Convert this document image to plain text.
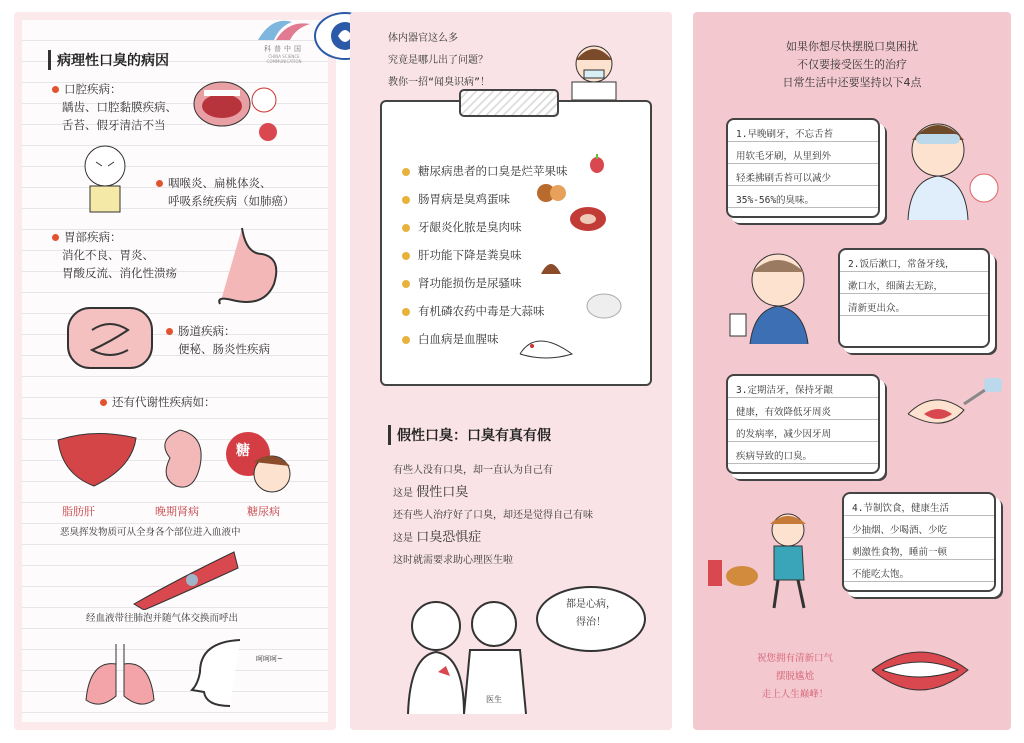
科普中国
CHINA SCIENCE COMMUNICATION
病理性口臭的病因
口腔疾病：
龋齿、口腔黏膜疾病、
舌苔、假牙清洁不当
咽喉炎、扁桃体炎、
呼吸系统疾病（如肺癌）
胃部疾病：
消化不良、胃炎、
胃酸反流、消化性溃疡
肠道疾病：
便秘、肠炎性疾病
还有代谢性疾病如：
糖
脂肪肝	晚期肾病	糖尿病
恶臭挥发物质可从全身各个部位进入血液中
经血液带往肺泡并随气体交换而呼出
呵呵呵~
体内器官这么多
究竟是哪儿出了问题？
教你一招“闻臭识病”！
糖尿病患者的口臭是烂苹果味
肠胃病是臭鸡蛋味
牙龈炎化脓是臭肉味
肝功能下降是粪臭味
肾功能损伤是尿骚味
有机磷农药中毒是大蒜味
白血病是血腥味
假性口臭：口臭有真有假
有些人没有口臭，却一直认为自己有
这是 假性口臭
还有些人治疗好了口臭，却还是觉得自己有味
这是 口臭恐惧症
这时就需要求助心理医生啦
医生
都是心病，
得治！
如果你想尽快摆脱口臭困扰
不仅要接受医生的治疗
日常生活中还要坚持以下4点
1.早晚刷牙，不忘舌苔
用软毛牙刷，从里到外
轻柔拂刷舌苔可以减少
35%-56%的臭味。
2.饭后漱口，常备牙线，
漱口水，细菌去无踪，
清新更出众。
3.定期洁牙，保持牙龈
健康，有效降低牙周炎
的发病率，减少因牙周
疾病导致的口臭。
4.节制饮食，健康生活
少抽烟、少喝酒、少吃
刺激性食物，睡前一顿
不能吃太饱。
祝您拥有清新口气
摆脱尴尬
走上人生巅峰！
